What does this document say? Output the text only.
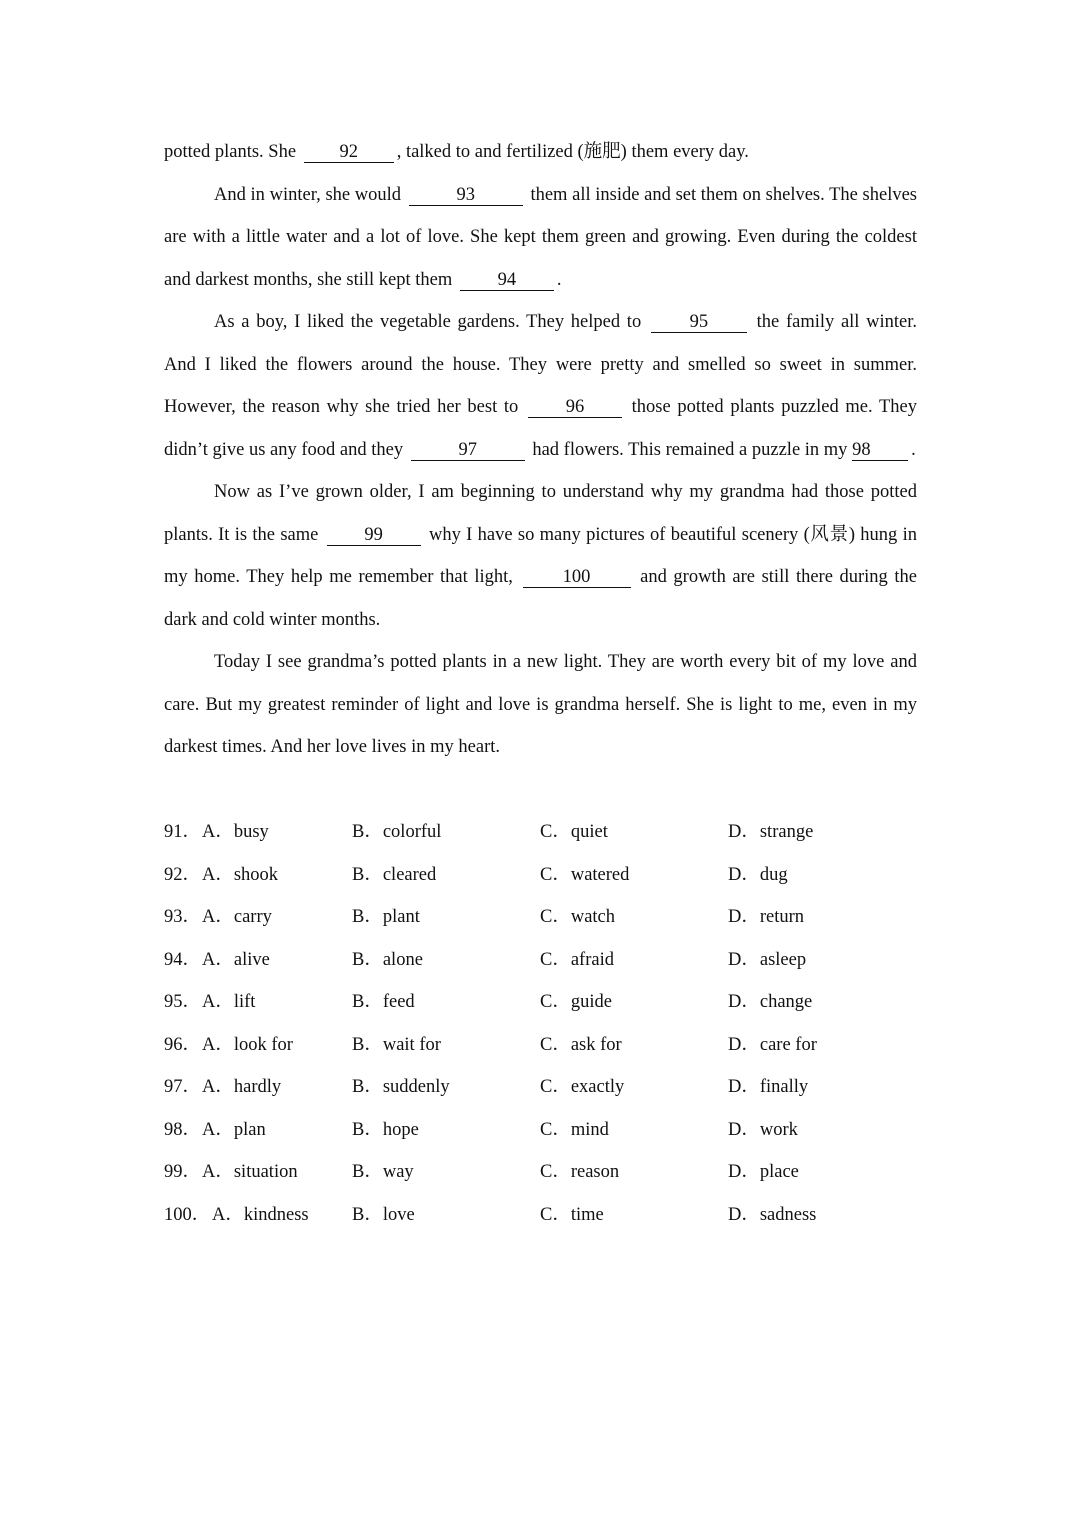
potted plants. She 92 , talked to and fertilized (施肥) them every day.

And in winter, she would	93	them all inside and set them on shelves. The shelves are with a little water and a lot of love. She kept them green and growing. Even during the coldest and darkest months, she still kept them 94 .

As a boy, I liked the vegetable gardens. They helped to	95	the family all winter. And I liked the flowers around the house. They were pretty and smelled so sweet in summer. However, the reason why she tried her best to	96	those potted plants puzzled me. They didn’t give us any food and they	97	had flowers. This remained a puzzle in my 98 .

Now as I’ve grown older, I am beginning to understand why my grandma had those potted plants. It is the same 99 why I have so many pictures of beautiful scenery (风景) hung in my home. They help me remember that light,	100	and growth are still there during the dark and cold winter months.

Today I see grandma’s potted plants in a new light. They are worth every bit of my love and care. But my greatest reminder of light and love is grandma herself. She is light to me, even in my darkest times. And her love lives in my heart.

91． A．busy	B．colorful	C．quiet	D．strange
92． A．shook	B．cleared	C．watered	D．dug
93． A．carry	B．plant	C．watch	D．return
94． A．alive	B．alone	C．afraid	D．asleep
95． A．lift	B．feed	C．guide	D．change
96． A．look for	B．wait for	C．ask for	D．care for
97． A．hardly	B．suddenly	C．exactly	D．finally
98． A．plan	B．hope	C．mind	D．work
99． A．situation	B．way	C．reason	D．place
100． A．kindness B．love	C．time	D．sadness
